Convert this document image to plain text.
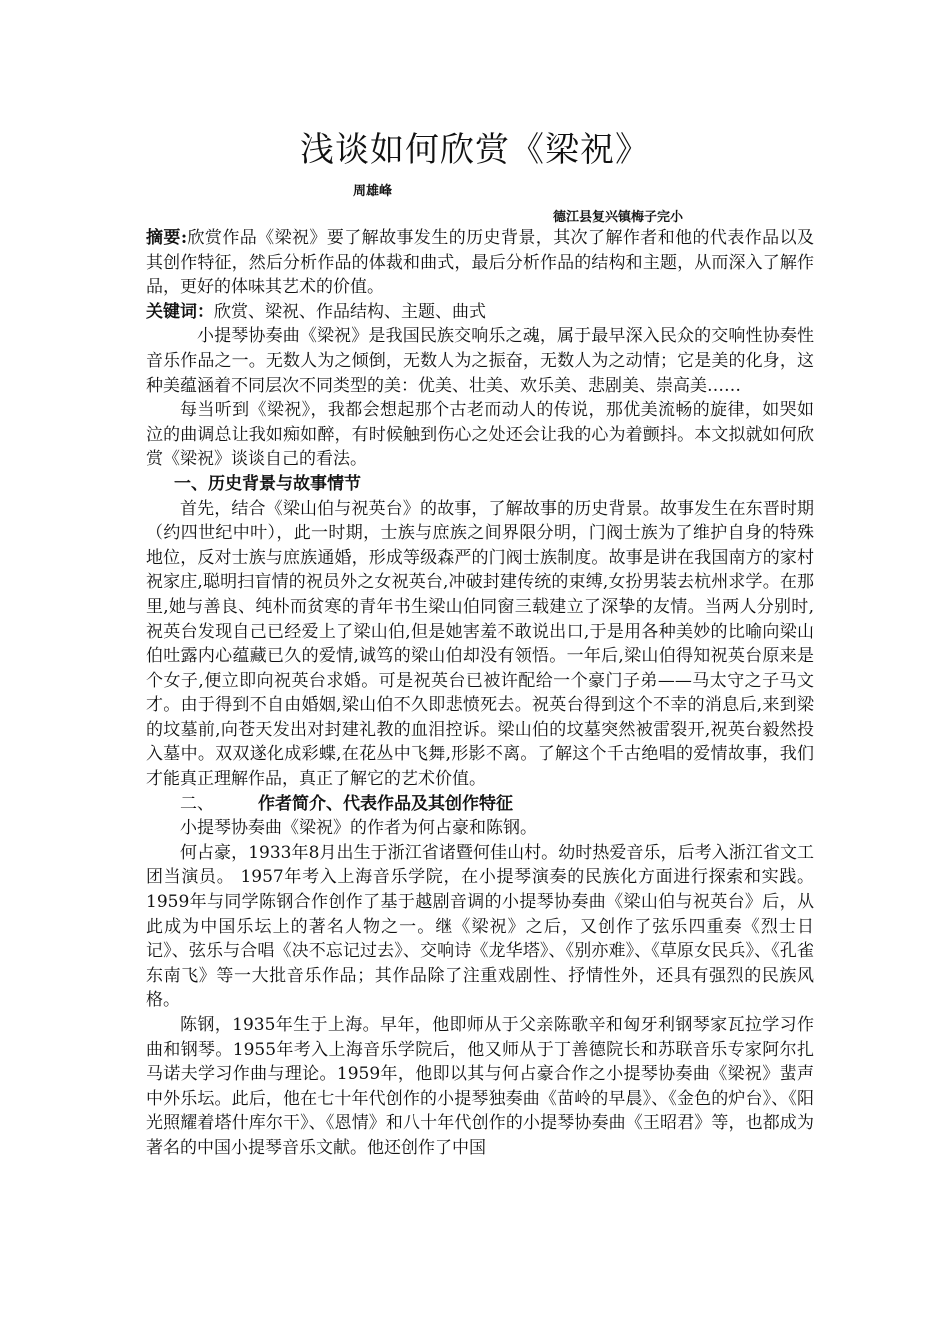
浅谈如何欣赏《梁祝》
周雄峰
德江县复兴镇梅子完小

摘要:欣赏作品《梁祝》要了解故事发生的历史背景，其次了解作者和他的代表作品以及其创作特征，然后分析作品的体裁和曲式，最后分析作品的结构和主题，从而深入了解作品，更好的体味其艺术的价值。

关键词：欣赏、梁祝、作品结构、主题、曲式

小提琴协奏曲《梁祝》是我国民族交响乐之魂，属于最早深入民众的交响性协奏性音乐作品之一。无数人为之倾倒，无数人为之振奋，无数人为之动情；它是美的化身，这种美蕴涵着不同层次不同类型的美：优美、壮美、欢乐美、悲剧美、崇高美……

每当听到《梁祝》，我都会想起那个古老而动人的传说，那优美流畅的旋律，如哭如泣的曲调总让我如痴如醉，有时候触到伤心之处还会让我的心为着颤抖。本文拟就如何欣赏《梁祝》谈谈自己的看法。

一、历史背景与故事情节

首先，结合《梁山伯与祝英台》的故事，了解故事的历史背景。故事发生在东晋时期（约四世纪中叶），此一时期，士族与庶族之间界限分明，门阀士族为了维护自身的特殊地位，反对士族与庶族通婚，形成等级森严的门阀士族制度。故事是讲在我国南方的家村祝家庄,聪明扫盲情的祝员外之女祝英台,冲破封建传统的束缚,女扮男装去杭州求学。在那里,她与善良、纯朴而贫寒的青年书生梁山伯同窗三载建立了深挚的友情。当两人分别时,祝英台发现自己已经爱上了梁山伯,但是她害羞不敢说出口,于是用各种美妙的比喻向梁山伯吐露内心蕴藏已久的爱情,诚笃的梁山伯却没有领悟。一年后,梁山伯得知祝英台原来是个女子,便立即向祝英台求婚。可是祝英台已被许配给一个豪门子弟——马太守之子马文才。由于得到不自由婚姻,梁山伯不久即悲愤死去。祝英台得到这个不幸的消息后,来到梁的坟墓前,向苍天发出对封建礼教的血泪控诉。梁山伯的坟墓突然被雷裂开,祝英台毅然投入墓中。双双遂化成彩蝶,在花丛中飞舞,形影不离。了解这个千古绝唱的爱情故事，我们才能真正理解作品，真正了解它的艺术价值。

二、	作者简介、代表作品及其创作特征

小提琴协奏曲《梁祝》的作者为何占豪和陈钢。

何占豪，1933年8月出生于浙江省诸暨何佳山村。幼时热爱音乐，后考入浙江省文工团当演员。 1957年考入上海音乐学院，在小提琴演奏的民族化方面进行探索和实践。1959年与同学陈钢合作创作了基于越剧音调的小提琴协奏曲《梁山伯与祝英台》后，从此成为中国乐坛上的著名人物之一。继《梁祝》之后，又创作了弦乐四重奏《烈士日记》、弦乐与合唱《决不忘记过去》、交响诗《龙华塔》、《别亦难》、《草原女民兵》、《孔雀东南飞》等一大批音乐作品；其作品除了注重戏剧性、抒情性外，还具有强烈的民族风格。

陈钢，1935年生于上海。早年，他即师从于父亲陈歌辛和匈牙利钢琴家瓦拉学习作曲和钢琴。1955年考入上海音乐学院后，他又师从于丁善德院长和苏联音乐专家阿尔扎马诺夫学习作曲与理论。1959年，他即以其与何占豪合作之小提琴协奏曲《梁祝》蜚声中外乐坛。此后，他在七十年代创作的小提琴独奏曲《苗岭的早晨》、《金色的炉台》、《阳光照耀着塔什库尔干》、《恩情》和八十年代创作的小提琴协奏曲《王昭君》等，也都成为著名的中国小提琴音乐文献。他还创作了中国
